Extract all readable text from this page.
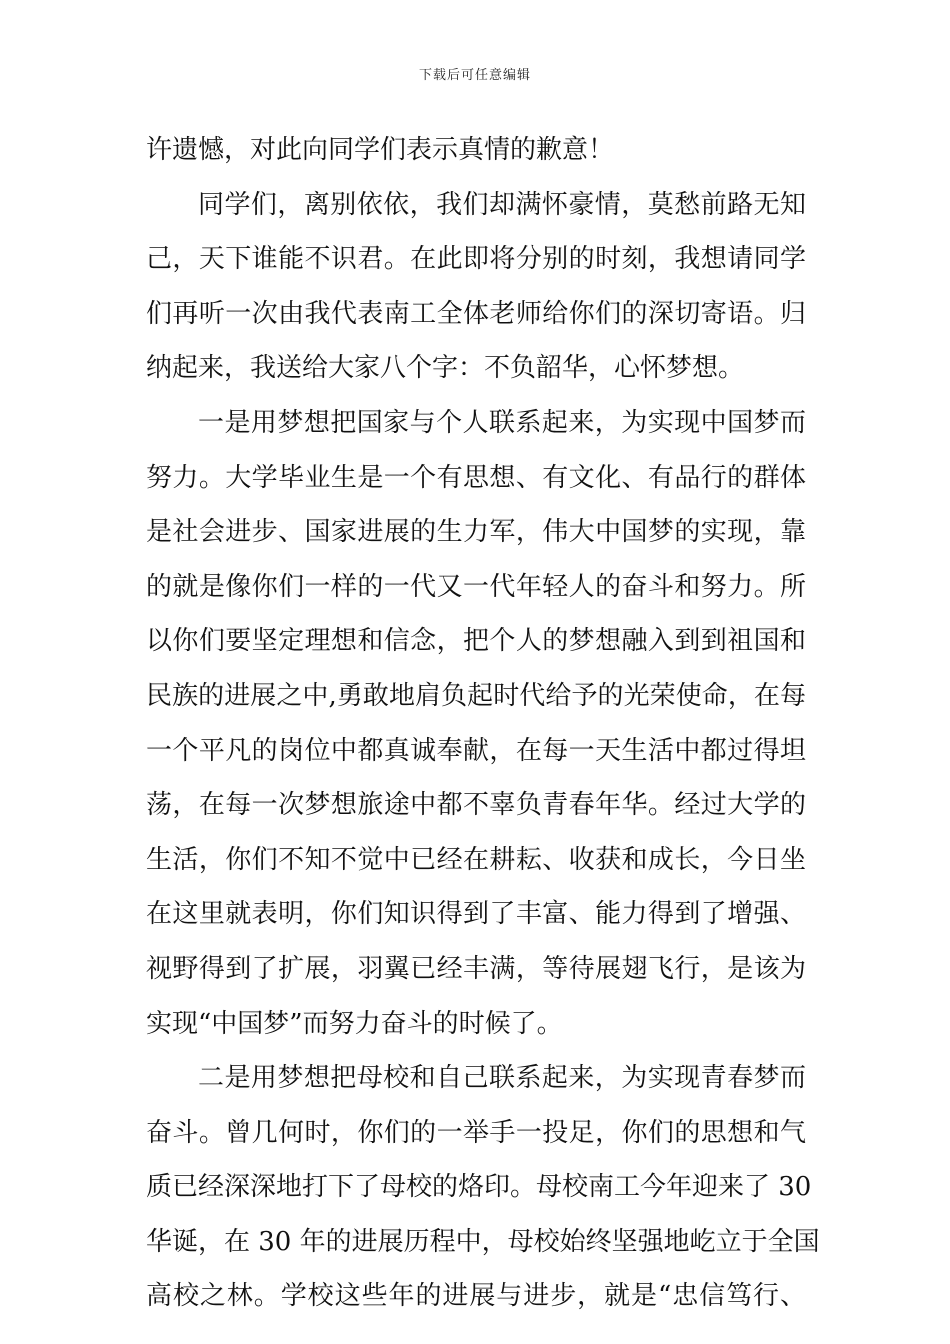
下载后可任意编辑
许遗憾，对此向同学们表示真情的歉意！
同学们，离别依依，我们却满怀豪情，莫愁前路无知
己，天下谁能不识君。在此即将分别的时刻，我想请同学
们再听一次由我代表南工全体老师给你们的深切寄语。归
纳起来，我送给大家八个字：不负韶华，心怀梦想。
一是用梦想把国家与个人联系起来，为实现中国梦而
努力。大学毕业生是一个有思想、有文化、有品行的群体
是社会进步、国家进展的生力军，伟大中国梦的实现，靠
的就是像你们一样的一代又一代年轻人的奋斗和努力。所
以你们要坚定理想和信念，把个人的梦想融入到到祖国和
民族的进展之中,勇敢地肩负起时代给予的光荣使命，在每
一个平凡的岗位中都真诚奉献，在每一天生活中都过得坦
荡，在每一次梦想旅途中都不辜负青春年华。经过大学的
生活，你们不知不觉中已经在耕耘、收获和成长，今日坐
在这里就表明，你们知识得到了丰富、能力得到了增强、
视野得到了扩展，羽翼已经丰满，等待展翅飞行，是该为
实现“中国梦”而努力奋斗的时候了。
二是用梦想把母校和自己联系起来，为实现青春梦而
奋斗。曾几何时，你们的一举手一投足，你们的思想和气
质已经深深地打下了母校的烙印。母校南工今年迎来了 30
华诞，在 30 年的进展历程中，母校始终坚强地屹立于全国
高校之林。学校这些年的进展与进步，就是“忠信笃行、
